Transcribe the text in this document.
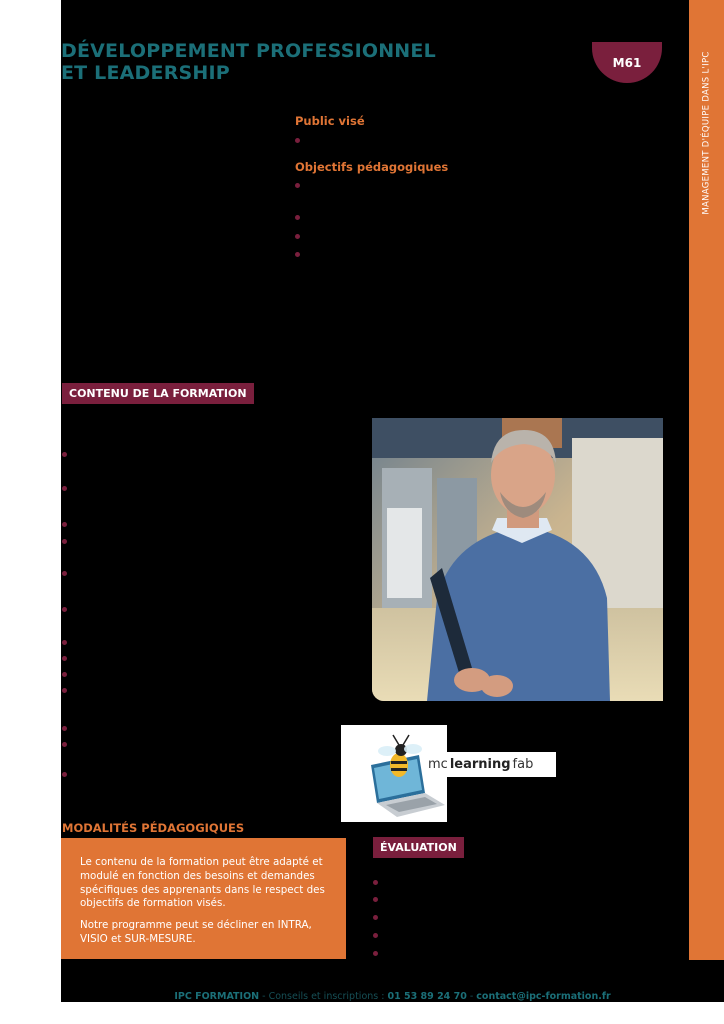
DÉVELOPPEMENT PROFESSIONNEL
ET LEADERSHIP	M61	MANAGEMENT D'ÉQUIPE DANS L'IPC
Public visé
Objectifs pédagogiques
CONTENU DE LA FORMATION
mc learning fab
MODALITÉS PÉDAGOGIQUES

Le contenu de la formation peut être adapté et modulé en fonction des besoins et demandes spécifiques des apprenants dans le respect des objectifs de formation visés.

Notre programme peut se décliner en INTRA, VISIO et SUR-MESURE.

ÉVALUATION
IPC FORMATION - Conseils et inscriptions : 01 53 89 24 70 - contact@ipc-formation.fr
